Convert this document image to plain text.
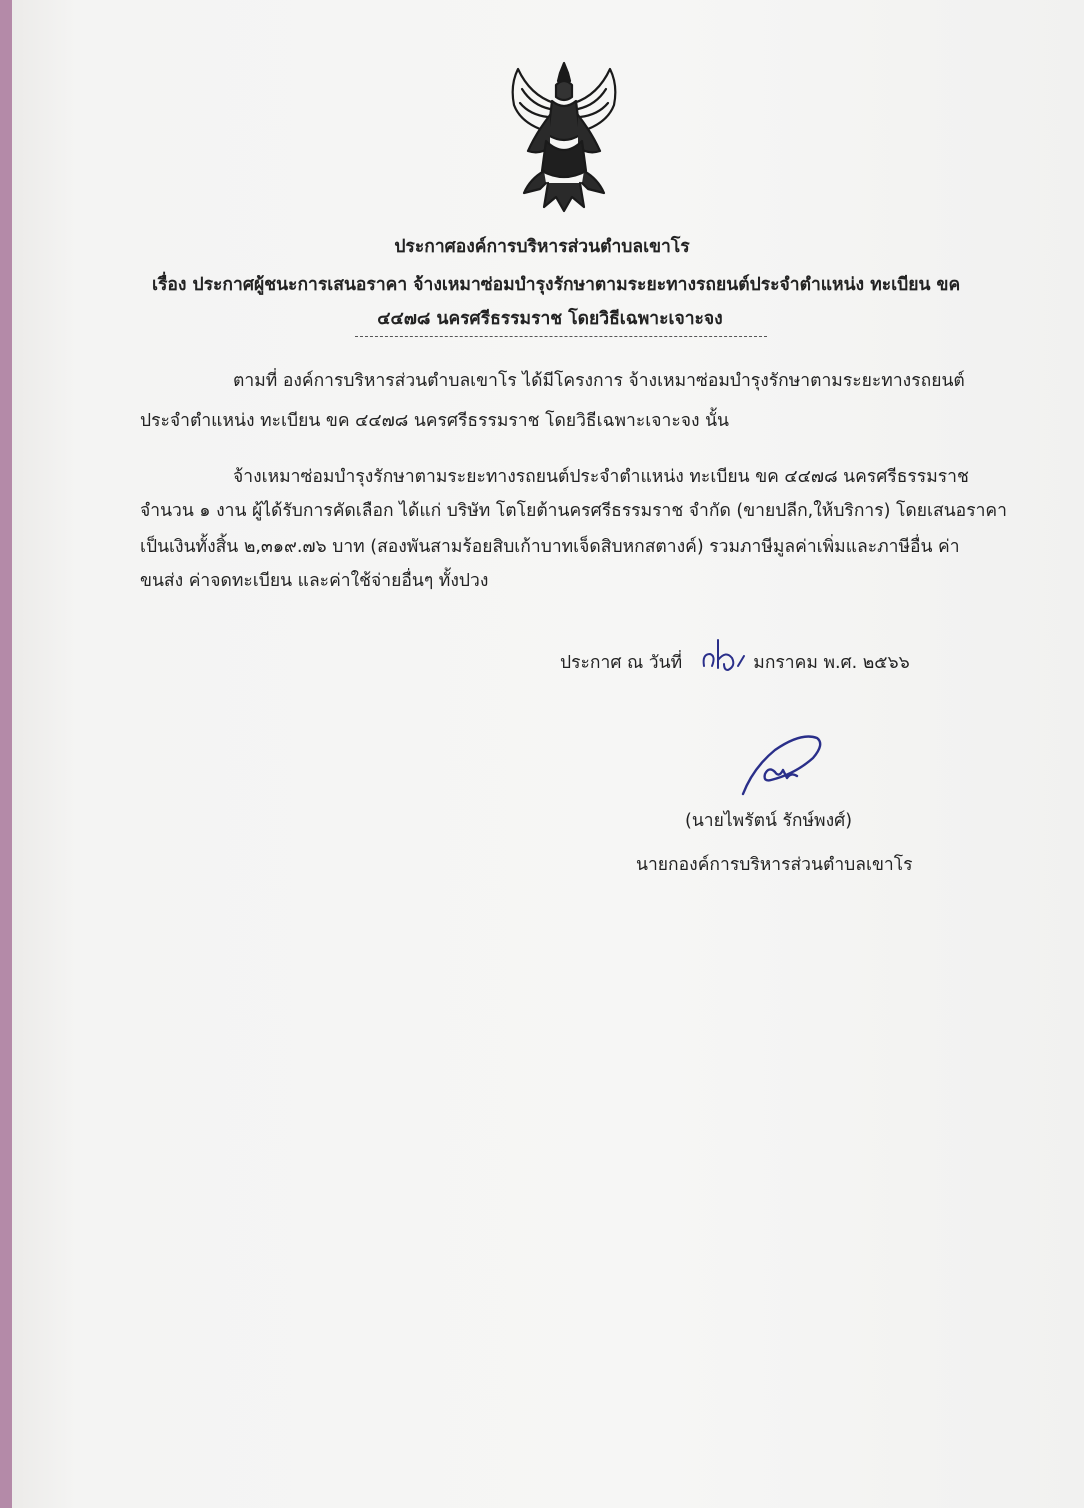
ประกาศองค์การบริหารส่วนตำบลเขาโร
เรื่อง ประกาศผู้ชนะการเสนอราคา จ้างเหมาซ่อมบำรุงรักษาตามระยะทางรถยนต์ประจำตำแหน่ง ทะเบียน ขค
๔๔๗๘ นครศรีธรรมราช โดยวิธีเฉพาะเจาะจง
ตามที่ องค์การบริหารส่วนตำบลเขาโร ได้มีโครงการ จ้างเหมาซ่อมบำรุงรักษาตามระยะทางรถยนต์
ประจำตำแหน่ง ทะเบียน ขค ๔๔๗๘ นครศรีธรรมราช โดยวิธีเฉพาะเจาะจง นั้น
จ้างเหมาซ่อมบำรุงรักษาตามระยะทางรถยนต์ประจำตำแหน่ง ทะเบียน ขค ๔๔๗๘ นครศรีธรรมราช
จำนวน ๑ งาน ผู้ได้รับการคัดเลือก ได้แก่ บริษัท โตโยต้านครศรีธรรมราช จำกัด (ขายปลีก,ให้บริการ) โดยเสนอราคา
เป็นเงินทั้งสิ้น ๒,๓๑๙.๗๖ บาท (สองพันสามร้อยสิบเก้าบาทเจ็ดสิบหกสตางค์) รวมภาษีมูลค่าเพิ่มและภาษีอื่น ค่า
ขนส่ง ค่าจดทะเบียน และค่าใช้จ่ายอื่นๆ ทั้งปวง
ประกาศ ณ วันที่	มกราคม พ.ศ. ๒๕๖๖
(นายไพรัตน์ รักษ์พงศ์)
นายกองค์การบริหารส่วนตำบลเขาโร
